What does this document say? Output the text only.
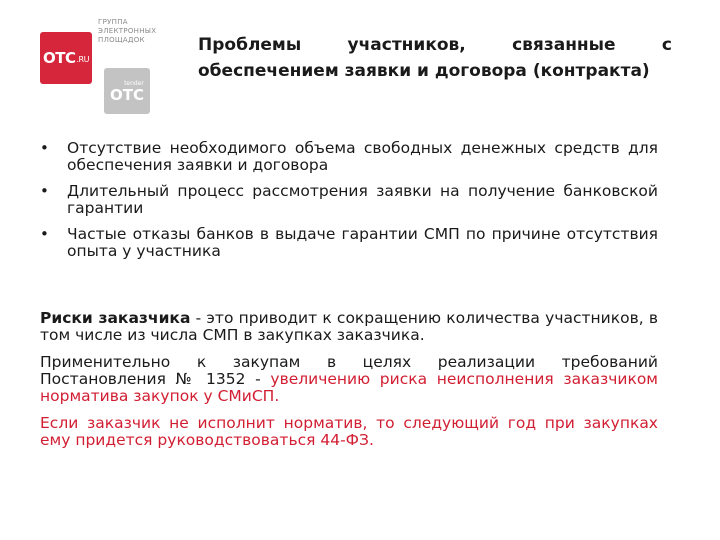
ГРУППА
ЭЛЕКТРОННЫХ
ПЛОЩАДОК
OTC .RU
tender
OTC
Проблемы участников, связанные с обеспечением заявки и договора (контракта)
• Отсутствие необходимого объема свободных денежных средств для обеспечения заявки и договора
• Длительный процесс рассмотрения заявки на получение банковской гарантии
• Частые отказы банков в выдаче гарантии СМП по причине отсутствия опыта у участника

Риски заказчика - это приводит к сокращению количества участников, в том числе из числа СМП в закупках заказчика.

Применительно к закупам в целях реализации требований Постановления № 1352 - увеличению риска неисполнения заказчиком норматива закупок у СМиСП.

Если заказчик не исполнит норматив, то следующий год при закупках ему придется руководствоваться 44-ФЗ.
